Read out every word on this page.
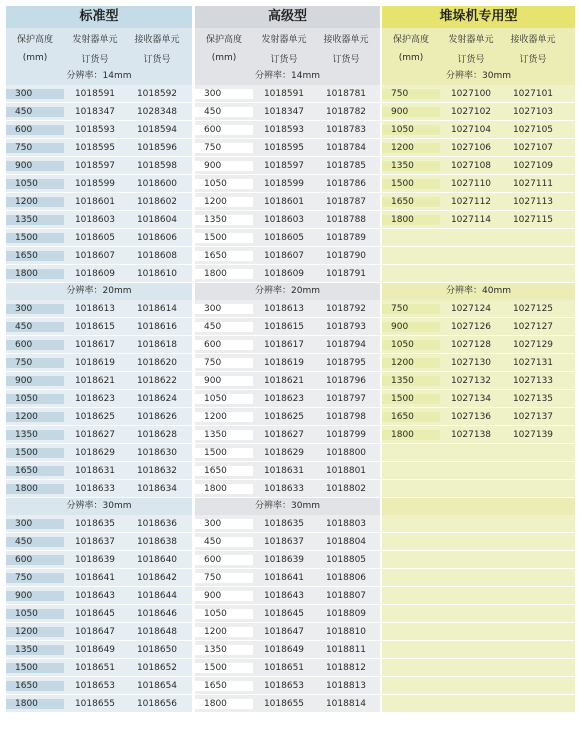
标准型
保护高度	发射器单元	接收器单元
(mm)	订货号	订货号
分辨率：14mm
300	1018591	1018592
450	1018347	1028348
600	1018593	1018594
750	1018595	1018596
900	1018597	1018598
1050	1018599	1018600
1200	1018601	1018602
1350	1018603	1018604
1500	1018605	1018606
1650	1018607	1018608
1800	1018609	1018610
分辨率：20mm
300	1018613	1018614
450	1018615	1018616
600	1018617	1018618
750	1018619	1018620
900	1018621	1018622
1050	1018623	1018624
1200	1018625	1018626
1350	1018627	1018628
1500	1018629	1018630
1650	1018631	1018632
1800	1018633	1018634
分辨率：30mm
300	1018635	1018636
450	1018637	1018638
600	1018639	1018640
750	1018641	1018642
900	1018643	1018644
1050	1018645	1018646
1200	1018647	1018648
1350	1018649	1018650
1500	1018651	1018652
1650	1018653	1018654
1800	1018655	1018656
高级型
保护高度	发射器单元	接收器单元
(mm)	订货号	订货号
分辨率：14mm
300	1018591	1018781
450	1018347	1018782
600	1018593	1018783
750	1018595	1018784
900	1018597	1018785
1050	1018599	1018786
1200	1018601	1018787
1350	1018603	1018788
1500	1018605	1018789
1650	1018607	1018790
1800	1018609	1018791
分辨率：20mm
300	1018613	1018792
450	1018615	1018793
600	1018617	1018794
750	1018619	1018795
900	1018621	1018796
1050	1018623	1018797
1200	1018625	1018798
1350	1018627	1018799
1500	1018629	1018800
1650	1018631	1018801
1800	1018633	1018802
分辨率：30mm
300	1018635	1018803
450	1018637	1018804
600	1018639	1018805
750	1018641	1018806
900	1018643	1018807
1050	1018645	1018809
1200	1018647	1018810
1350	1018649	1018811
1500	1018651	1018812
1650	1018653	1018813
1800	1018655	1018814
堆垛机专用型
保护高度	发射器单元	接收器单元
(mm)	订货号	订货号
分辨率：30mm
750	1027100	1027101
900	1027102	1027103
1050	1027104	1027105
1200	1027106	1027107
1350	1027108	1027109
1500	1027110	1027111
1650	1027112	1027113
1800	1027114	1027115
分辨率：40mm
750	1027124	1027125
900	1027126	1027127
1050	1027128	1027129
1200	1027130	1027131
1350	1027132	1027133
1500	1027134	1027135
1650	1027136	1027137
1800	1027138	1027139
